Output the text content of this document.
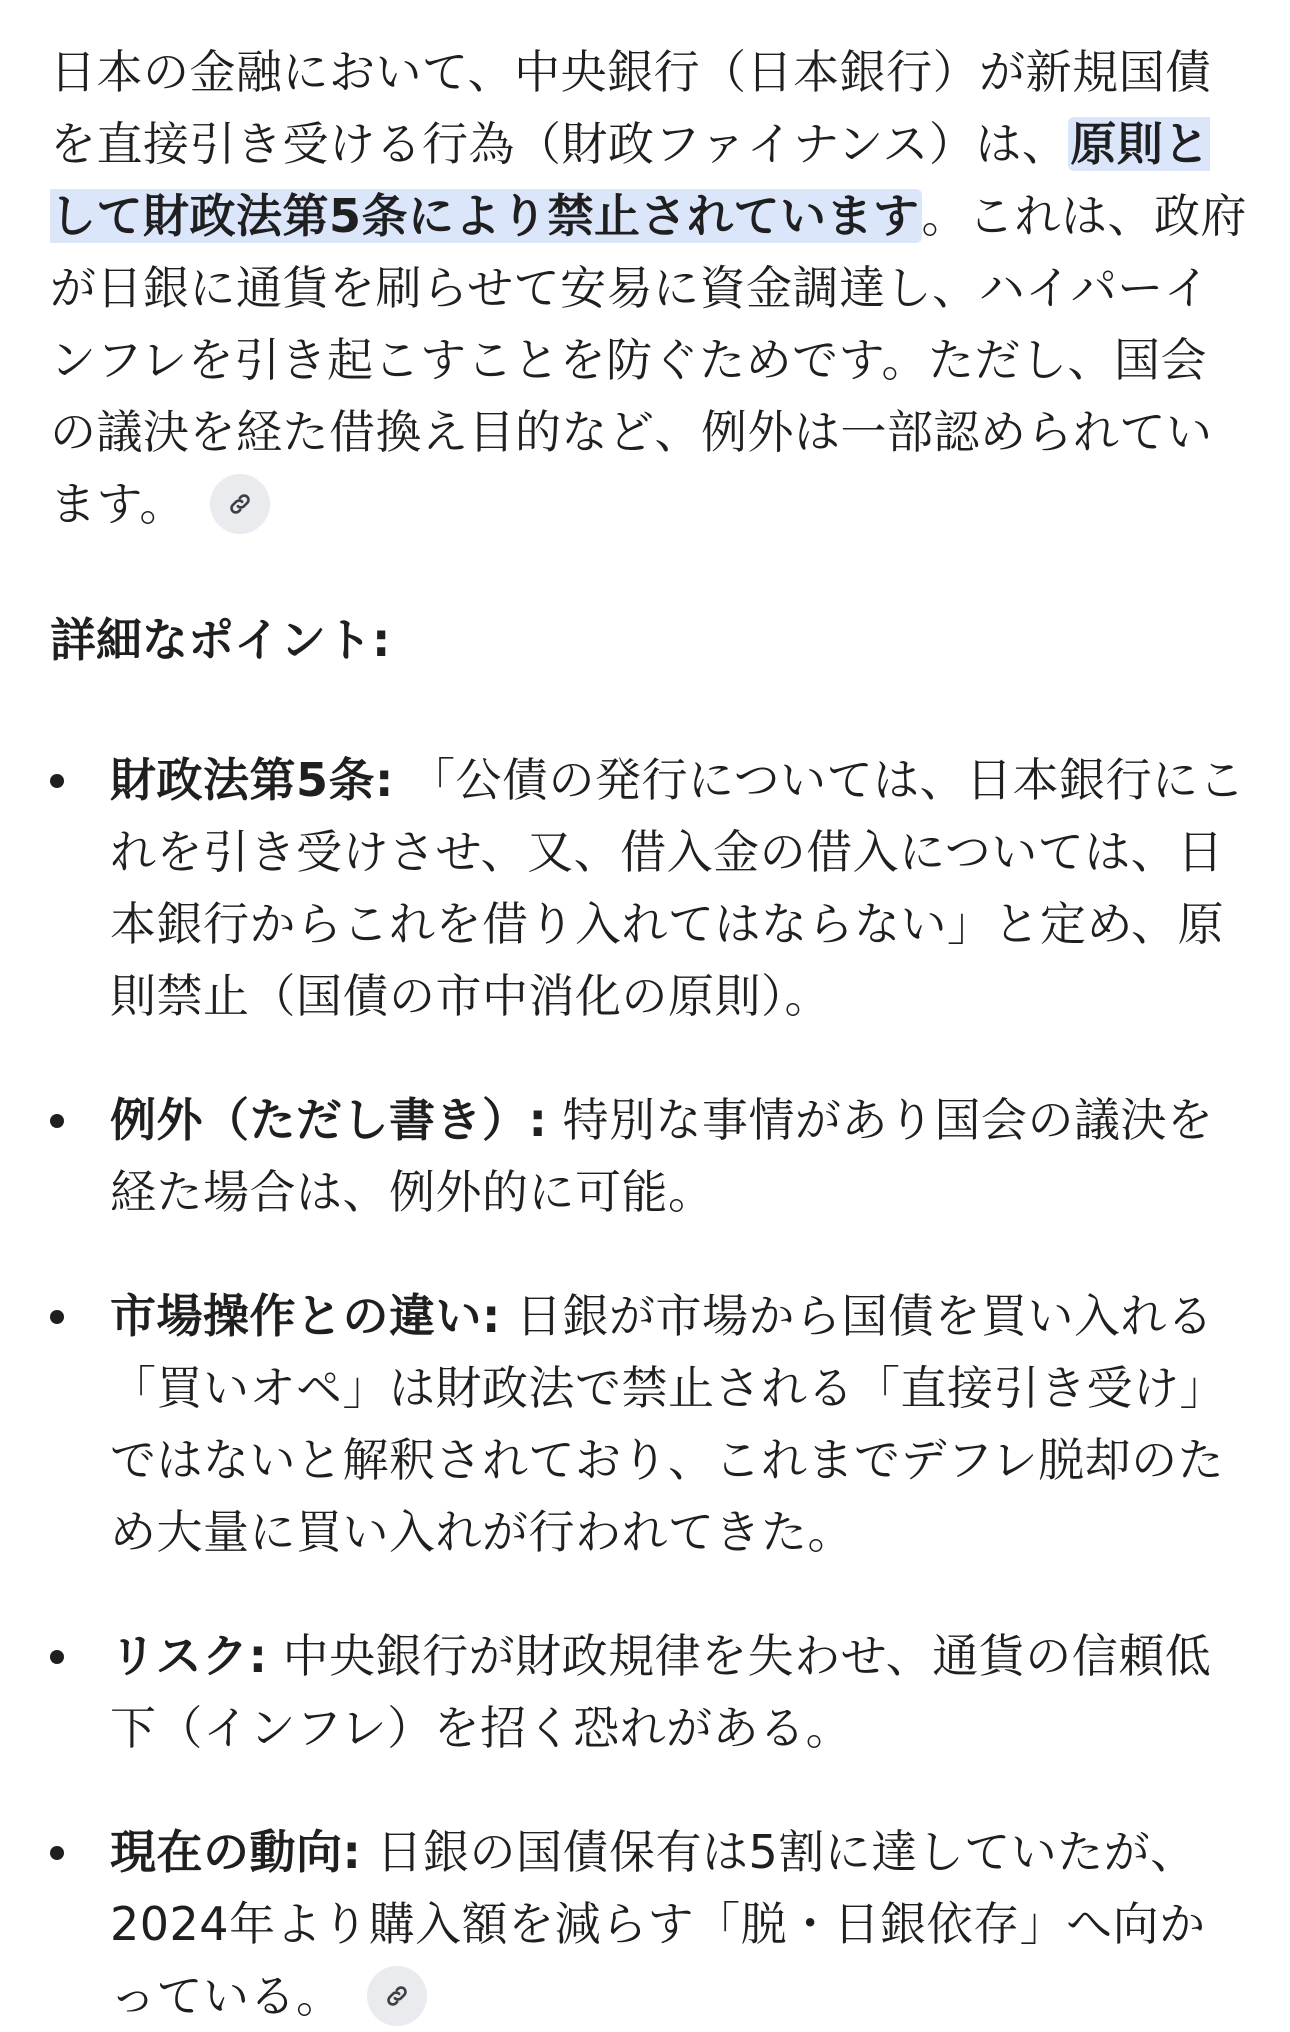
日本の金融において、中央銀行（日本銀行）が新規国債を直接引き受ける行為（財政ファイナンス）は、原則として財政法第5条により禁止されています。これは、政府が日銀に通貨を刷らせて安易に資金調達し、ハイパーインフレを引き起こすことを防ぐためです。ただし、国会の議決を経た借換え目的など、例外は一部認められています。

詳細なポイント:
財政法第5条: 「公債の発行については、日本銀行にこれを引き受けさせ、又、借入金の借入については、日本銀行からこれを借り入れてはならない」と定め、原則禁止（国債の市中消化の原則）。
例外（ただし書き）: 特別な事情があり国会の議決を経た場合は、例外的に可能。
市場操作との違い: 日銀が市場から国債を買い入れる「買いオペ」は財政法で禁止される「直接引き受け」ではないと解釈されており、これまでデフレ脱却のため大量に買い入れが行われてきた。
リスク: 中央銀行が財政規律を失わせ、通貨の信頼低下（インフレ）を招く恐れがある。
現在の動向: 日銀の国債保有は5割に達していたが、2024年より購入額を減らす「脱・日銀依存」へ向かっている。
